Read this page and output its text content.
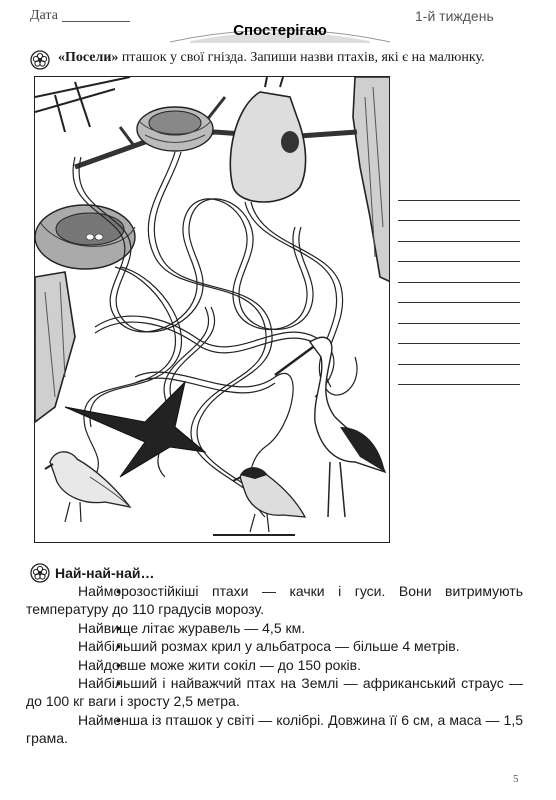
Дата
Спостерігаю
1-й тиждень
«Посели» пташок у свої гнізда. Запиши назви птахів, які є на малюнку.
Най-най-най…
• Найморозостійкіші птахи — качки і гуси. Вони витримують температуру до 110 градусів морозу.
• Найвище літає журавель — 4,5 км.
• Найбільший розмах крил у альбатроса — більше 4 метрів.
• Найдовше може жити сокіл — до 150 років.
• Найбільший і найважчий птах на Землі — африканський страус — до 100 кг ваги і зросту 2,5 метра.
• Найменша із пташок у світі — колібрі. Довжина її 6 см, а маса — 1,5 грама.
5
